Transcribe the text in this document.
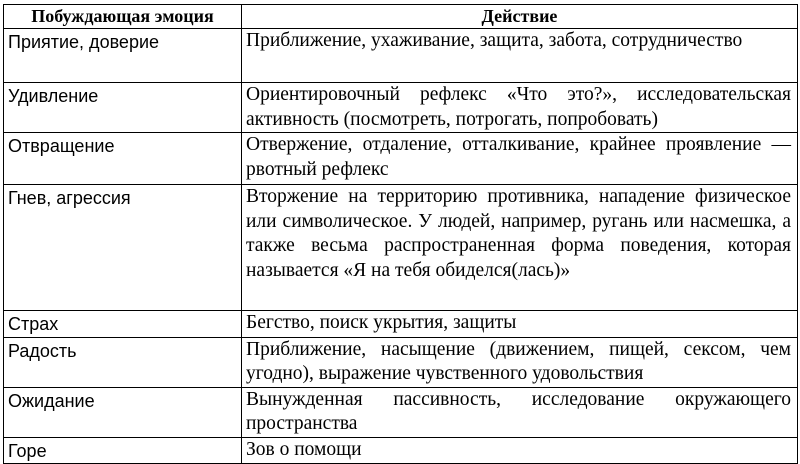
Побуждающая эмоция	Действие
Приятие, доверие	Приближение, ухаживание, защита, забота, сотрудничество
Удивление	Ориентировочный рефлекс «Что это?», исследовательская активность (посмотреть, потрогать, попробовать)
Отвращение	Отвержение, отдаление, отталкивание, крайнее проявление — рвотный рефлекс
Гнев, агрессия	Вторжение на территорию противника, нападение физическое или символическое. У людей, например, ругань или насмешка, а также весьма распространенная форма поведения, которая называется «Я на тебя обиделся(лась)»
Страх	Бегство, поиск укрытия, защиты
Радость	Приближение, насыщение (движением, пищей, сексом, чем угодно), выражение чувственного удовольствия
Ожидание	Вынужденная пассивность, исследование окружающего пространства
Горе	Зов о помощи
